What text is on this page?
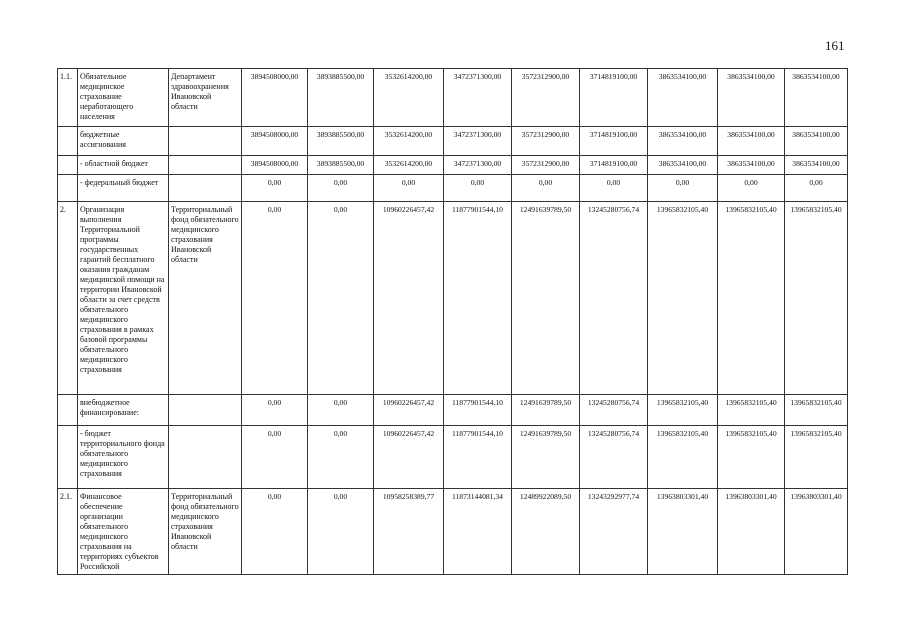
161
1.1.	Обязательное медицинское страхование неработающего населения	Департамент здравоохранения Ивановской области	3894508000,00	3893885500,00	3532614200,00	3472371300,00	3572312900,00	3714819100,00	3863534100,00	3863534100,00	3863534100,00
	бюджетные ассигнования		3894508000,00	3893885500,00	3532614200,00	3472371300,00	3572312900,00	3714819100,00	3863534100,00	3863534100,00	3863534100,00
	- областной бюджет		3894508000,00	3893885500,00	3532614200,00	3472371300,00	3572312900,00	3714819100,00	3863534100,00	3863534100,00	3863534100,00
	- федеральный бюджет		0,00	0,00	0,00	0,00	0,00	0,00	0,00	0,00	0,00
2.	Организация выполнения Территориальной программы государственных гарантий бесплатного оказания гражданам медицинской помощи на территории Ивановской области за счет средств обязательного медицинского страхования в рамках базовой программы обязательного медицинского страхования	Территориальный фонд обязательного медицинского страхования Ивановской области	0,00	0,00	10960226457,42	11877901544,10	12491639789,50	13245280756,74	13965832105,40	13965832105,40	13965832105,40
	внебюджетное финансирование:		0,00	0,00	10960226457,42	11877901544,10	12491639789,50	13245280756,74	13965832105,40	13965832105,40	13965832105,40
	- бюджет территориального фонда обязательного медицинского страхования		0,00	0,00	10960226457,42	11877901544,10	12491639789,50	13245280756,74	13965832105,40	13965832105,40	13965832105,40
2.1.	Финансовое обеспечение организации обязательного медицинского страхования на территориях субъектов Российской	Территориальный фонд обязательного медицинского страхования Ивановской области	0,00	0,00	10958258389,77	11873144081,34	12489922089,50	13243292977,74	13963803301,40	13963803301,40	13963803301,40
